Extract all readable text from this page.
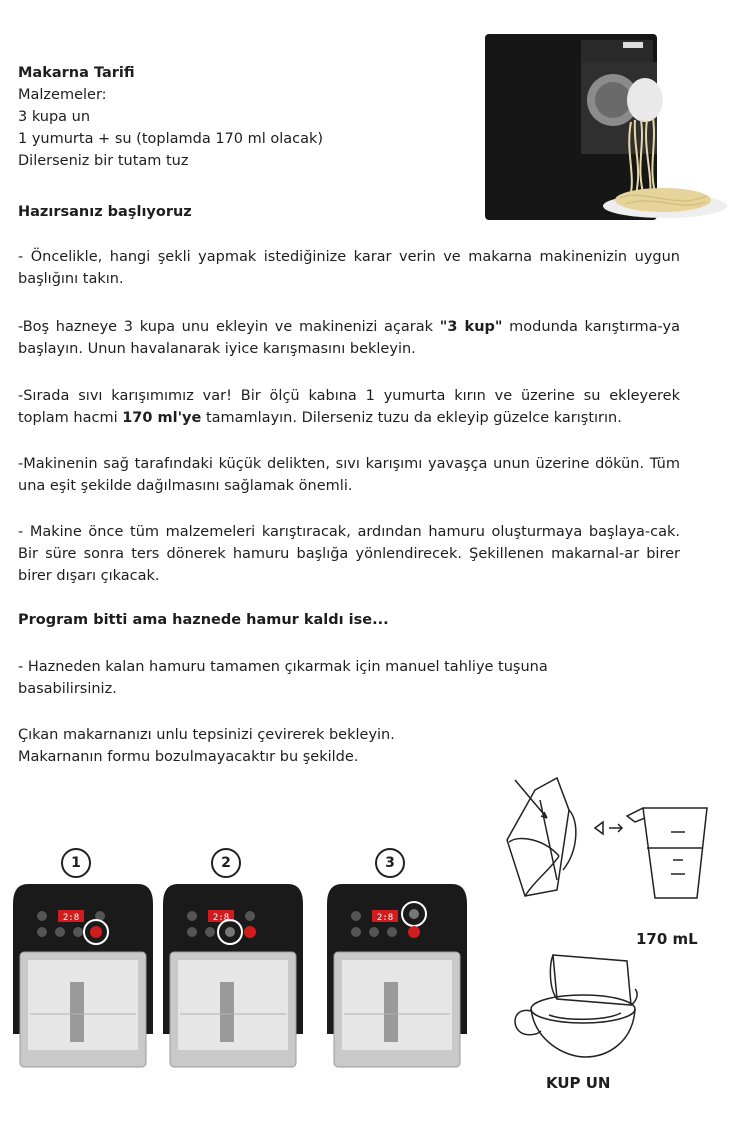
Makarna Tarifi
Malzemeler:
3 kupa un
1 yumurta + su (toplamda 170 ml olacak)
Dilerseniz bir tutam tuz
Hazırsanız başlıyoruz
- Öncelikle, hangi şekli yapmak istediğinize karar verin ve makarna makinenizin uygun başlığını takın.
-Boş hazneye 3 kupa unu ekleyin ve makinenizi açarak "3 kup" modunda karıştırma-ya başlayın. Unun havalanarak iyice karışmasını bekleyin.
-Sırada sıvı karışımımız var! Bir ölçü kabına 1 yumurta kırın ve üzerine su ekleyerek toplam hacmi 170 ml'ye tamamlayın. Dilerseniz tuzu da ekleyip güzelce karıştırın.
-Makinenin sağ tarafındaki küçük delikten, sıvı karışımı yavaşça unun üzerine dökün. Tüm una eşit şekilde dağılmasını sağlamak önemli.
- Makine önce tüm malzemeleri karıştıracak, ardından hamuru oluşturmaya başlaya-cak. Bir süre sonra ters dönerek hamuru başlığa yönlendirecek. Şekillenen makarnal-ar birer birer dışarı çıkacak.
Program bitti ama haznede hamur kaldı ise...
- Hazneden kalan hamuru tamamen çıkarmak için manuel tahliye tuşuna basabilirsiniz.
Çıkan makarnanızı unlu tepsinizi çevirerek bekleyin.
Makarnanın formu bozulmayacaktır bu şekilde.
1
2:8
2
2:8
3
2:8
170 mL
KUP UN
